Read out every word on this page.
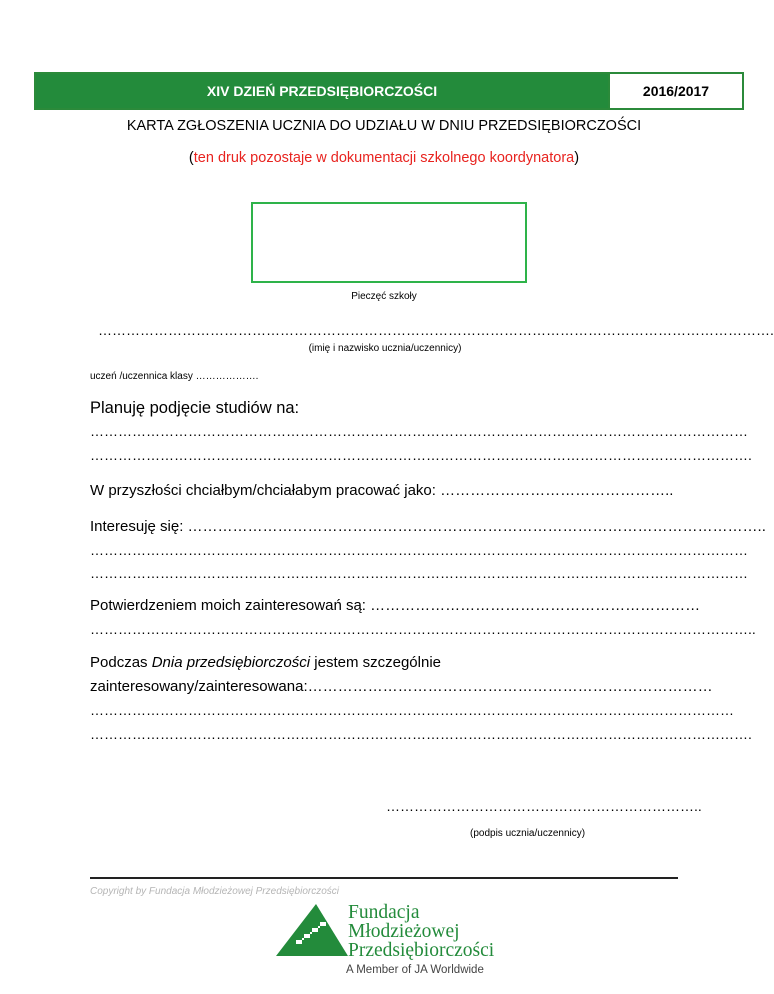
XIV DZIEŃ PRZEDSIĘBIORCZOŚCI	2016/2017
KARTA ZGŁOSZENIA UCZNIA DO UDZIAŁU W DNIU PRZEDSIĘBIORCZOŚCI
(ten druk pozostaje w dokumentacji szkolnego koordynatora)
Pieczęć szkoły
……………………………………………………………………………………………………………………………….
(imię i nazwisko ucznia/uczennicy)
uczeń /uczennica klasy ……………….
Planuję podjęcie studiów na:
……………………………………………………………………………………………………………………………
…………………………………………………………………………………………………………………………….
W przyszłości chciałbym/chciałabym pracować jako: ………………………………………..
Interesuję się: ……………………………………………………………………………………………………..
……………………………………………………………………………………………………………………………
……………………………………………………………………………………………………………………………
Potwierdzeniem moich zainteresowań są: …………………………………………………………
……………………………………………………………………………………………………………………………..
Podczas Dnia przedsiębiorczości jestem szczególnie
zainteresowany/zainteresowana:………………………………………………………………………
…………………………………………………………………………………………………………………………
…………………………………………………………………………………………………………………………….
…………………………………………………………..
(podpis ucznia/uczennicy)
Copyright by Fundacja Młodzieżowej Przedsiębiorczości
Fundacja
Młodzieżowej
Przedsiębiorczości
A Member of JA Worldwide
